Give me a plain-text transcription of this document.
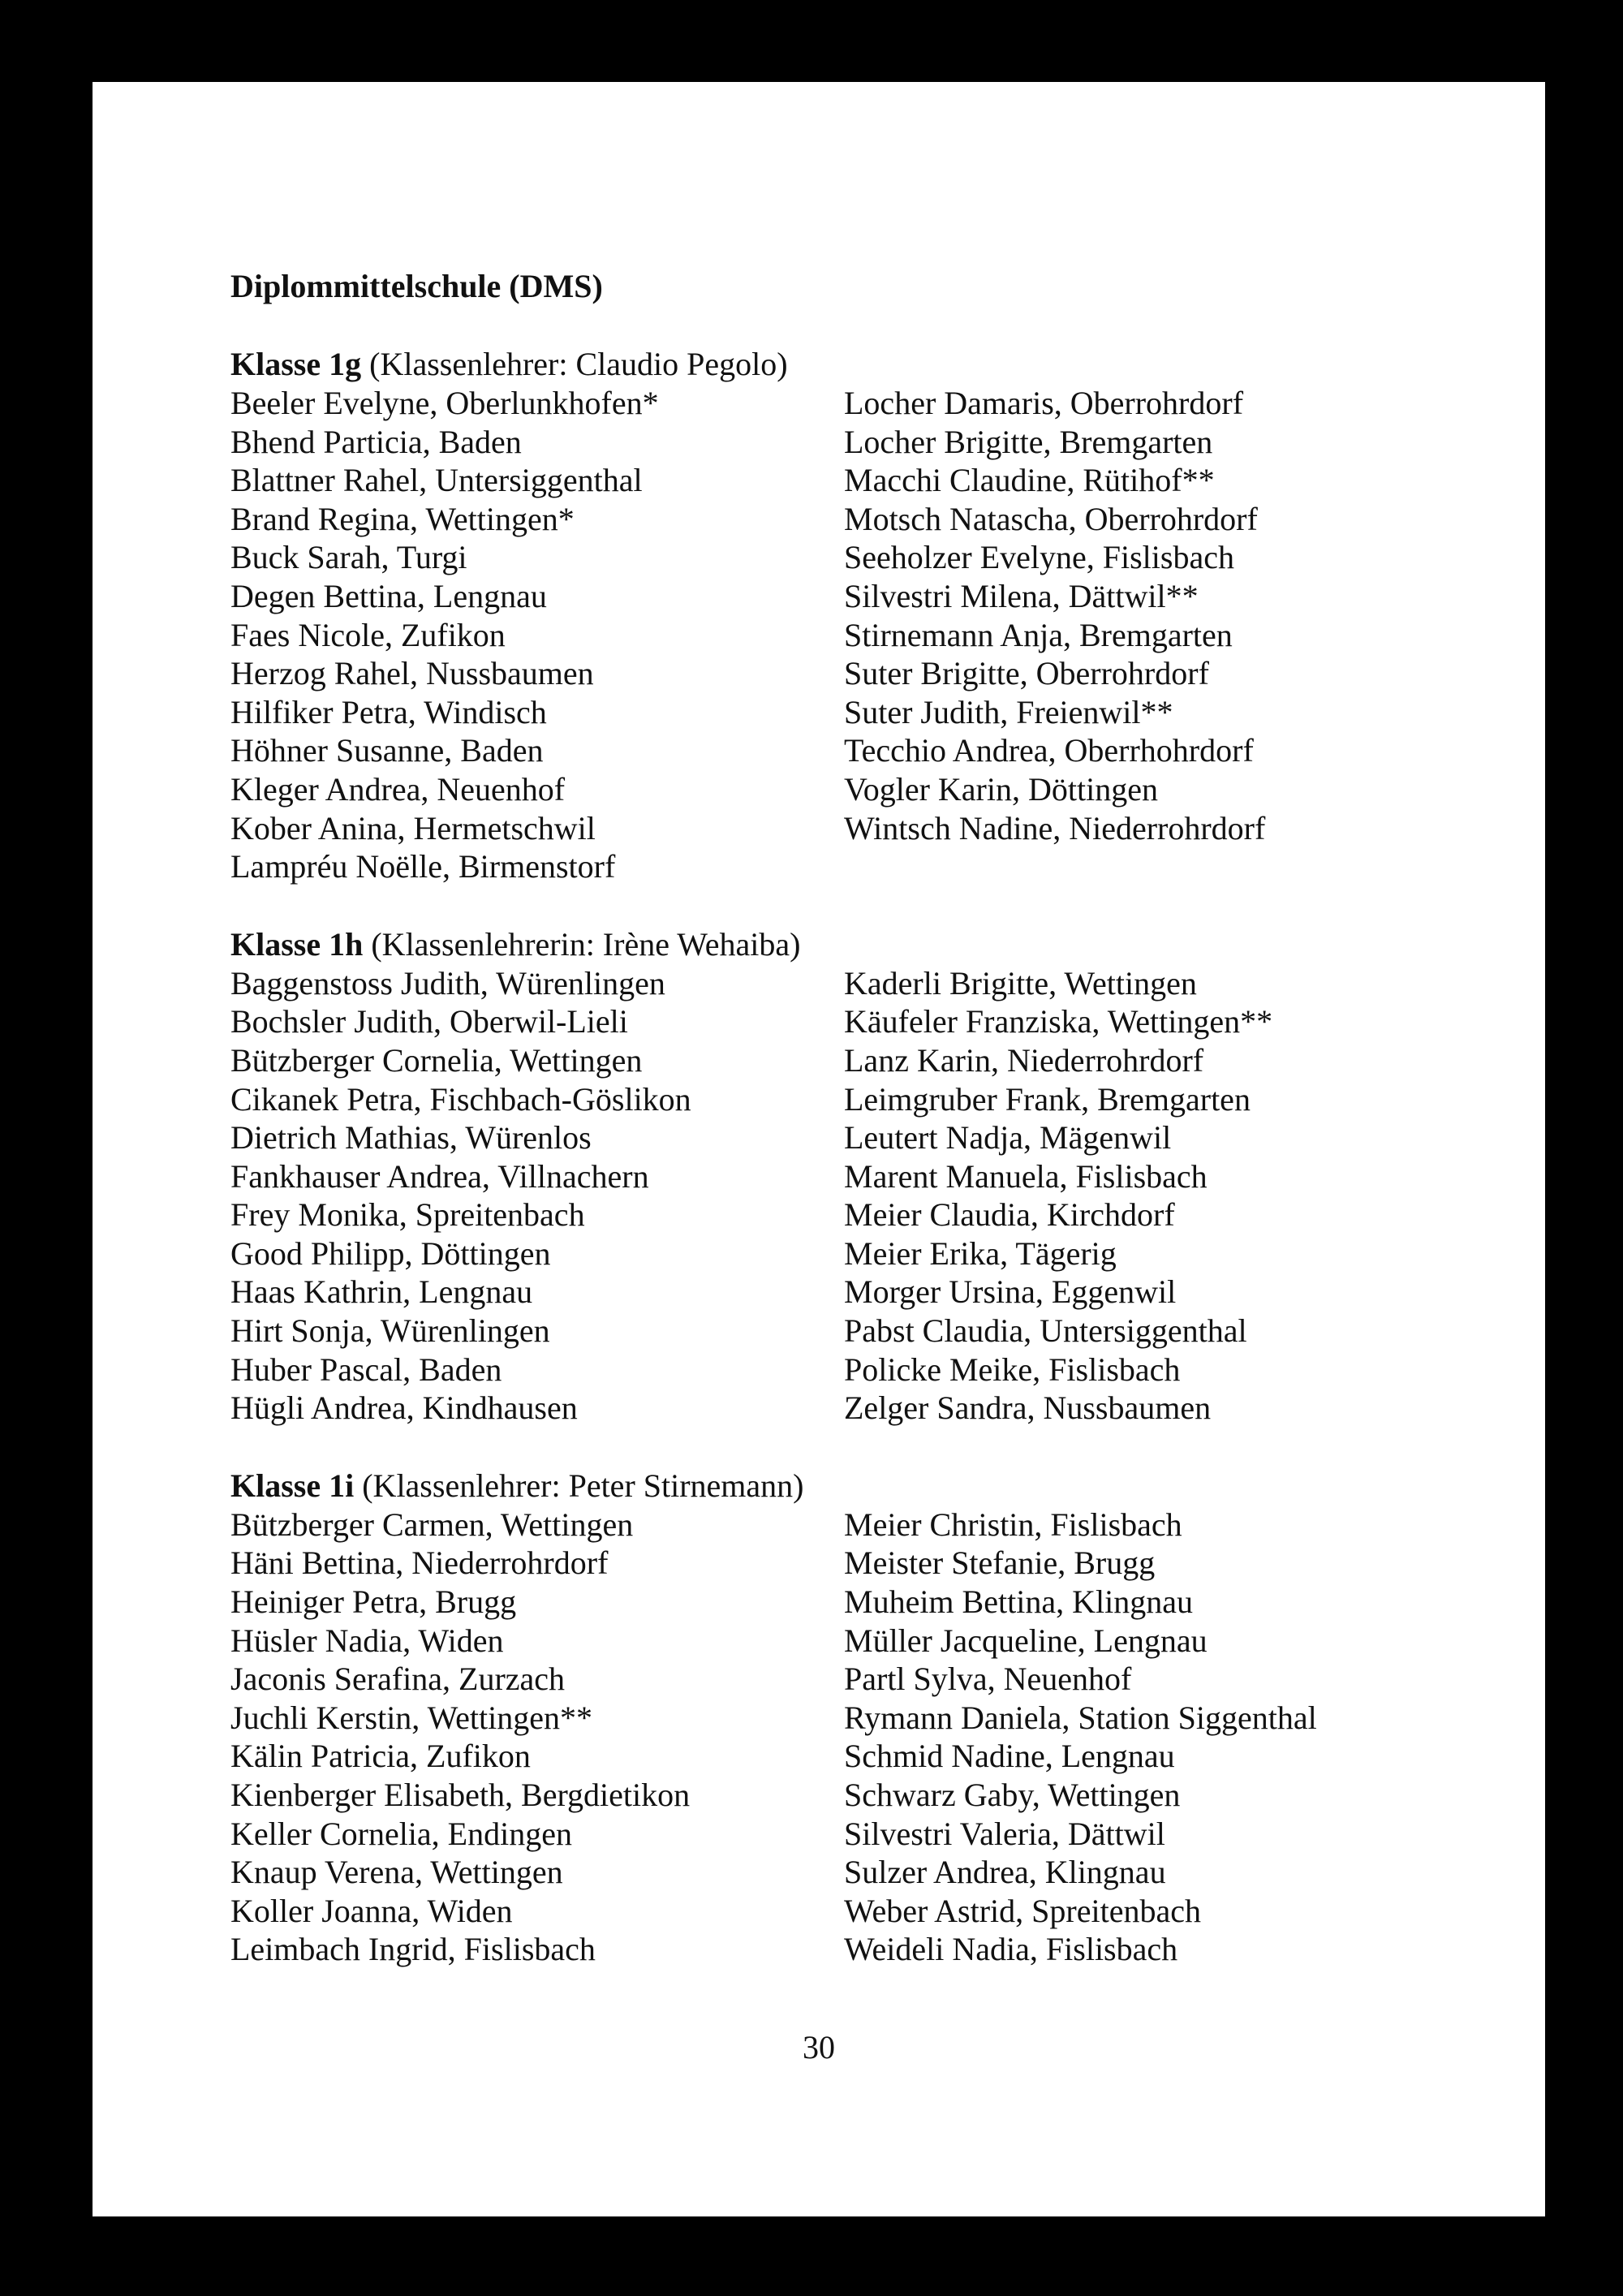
Diplommittelschule (DMS)
Klasse 1g (Klassenlehrer: Claudio Pegolo)
Beeler Evelyne, Oberlunkhofen*
Bhend Particia, Baden
Blattner Rahel, Untersiggenthal
Brand Regina, Wettingen*
Buck Sarah, Turgi
Degen Bettina, Lengnau
Faes Nicole, Zufikon
Herzog Rahel, Nussbaumen
Hilfiker Petra, Windisch
Höhner Susanne, Baden
Kleger Andrea, Neuenhof
Kober Anina, Hermetschwil
Lampréu Noëlle, Birmenstorf
Locher Damaris, Oberrohrdorf
Locher Brigitte, Bremgarten
Macchi Claudine, Rütihof**
Motsch Natascha, Oberrohrdorf
Seeholzer Evelyne, Fislisbach
Silvestri Milena, Dättwil**
Stirnemann Anja, Bremgarten
Suter Brigitte, Oberrohrdorf
Suter Judith, Freienwil**
Tecchio Andrea, Oberrhohrdorf
Vogler Karin, Döttingen
Wintsch Nadine, Niederrohrdorf
Klasse 1h (Klassenlehrerin: Irène Wehaiba)
Baggenstoss Judith, Würenlingen
Bochsler Judith, Oberwil-Lieli
Bützberger Cornelia, Wettingen
Cikanek Petra, Fischbach-Göslikon
Dietrich Mathias, Würenlos
Fankhauser Andrea, Villnachern
Frey Monika, Spreitenbach
Good Philipp, Döttingen
Haas Kathrin, Lengnau
Hirt Sonja, Würenlingen
Huber Pascal, Baden
Hügli Andrea, Kindhausen
Kaderli Brigitte, Wettingen
Käufeler Franziska, Wettingen**
Lanz Karin, Niederrohrdorf
Leimgruber Frank, Bremgarten
Leutert Nadja, Mägenwil
Marent Manuela, Fislisbach
Meier Claudia, Kirchdorf
Meier Erika, Tägerig
Morger Ursina, Eggenwil
Pabst Claudia, Untersiggenthal
Policke Meike, Fislisbach
Zelger Sandra, Nussbaumen
Klasse 1i (Klassenlehrer: Peter Stirnemann)
Bützberger Carmen, Wettingen
Häni Bettina, Niederrohrdorf
Heiniger Petra, Brugg
Hüsler Nadia, Widen
Jaconis Serafina, Zurzach
Juchli Kerstin, Wettingen**
Kälin Patricia, Zufikon
Kienberger Elisabeth, Bergdietikon
Keller Cornelia, Endingen
Knaup Verena, Wettingen
Koller Joanna, Widen
Leimbach Ingrid, Fislisbach
Meier Christin, Fislisbach
Meister Stefanie, Brugg
Muheim Bettina, Klingnau
Müller Jacqueline, Lengnau
Partl Sylva, Neuenhof
Rymann Daniela, Station Siggenthal
Schmid Nadine, Lengnau
Schwarz Gaby, Wettingen
Silvestri Valeria, Dättwil
Sulzer Andrea, Klingnau
Weber Astrid, Spreitenbach
Weideli Nadia, Fislisbach
30
